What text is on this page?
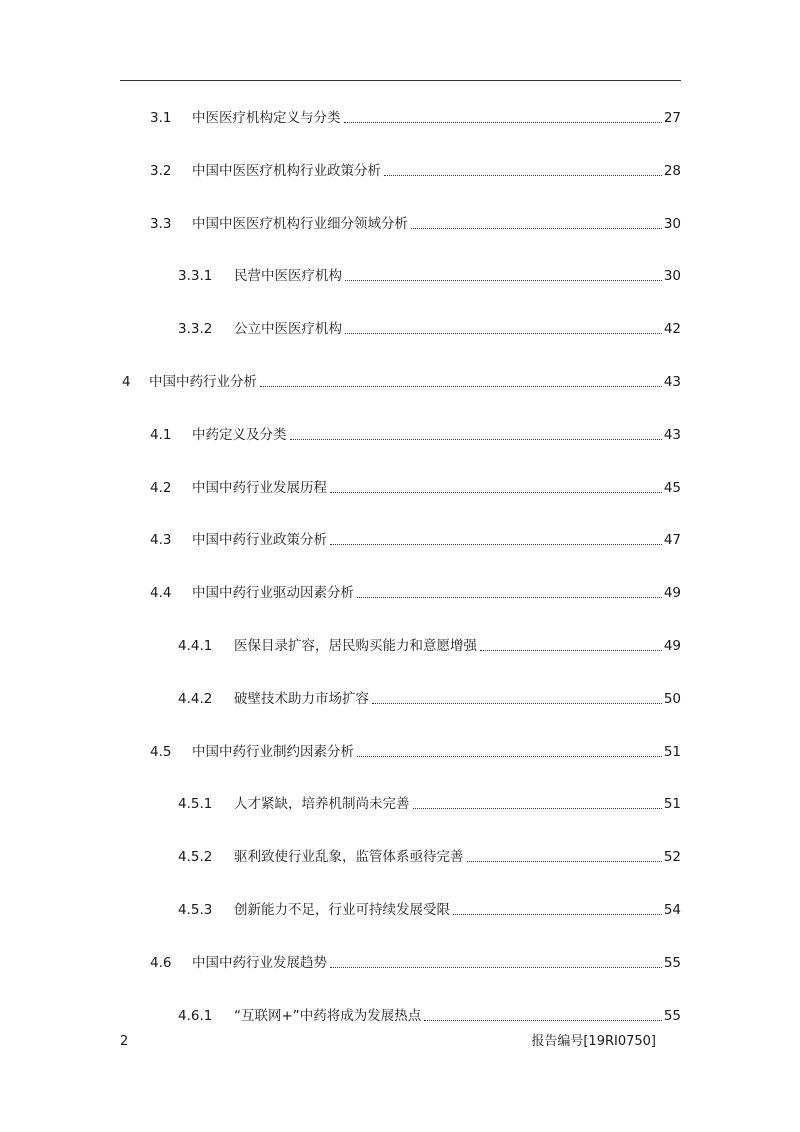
3.1	中医医疗机构定义与分类	27
3.2	中国中医医疗机构行业政策分析	28
3.3	中国中医医疗机构行业细分领域分析	30
3.3.1	民营中医医疗机构	30
3.3.2	公立中医医疗机构	42
4	中国中药行业分析	43
4.1	中药定义及分类	43
4.2	中国中药行业发展历程	45
4.3	中国中药行业政策分析	47
4.4	中国中药行业驱动因素分析	49
4.4.1	医保目录扩容，居民购买能力和意愿增强	49
4.4.2	破壁技术助力市场扩容	50
4.5	中国中药行业制约因素分析	51
4.5.1	人才紧缺，培养机制尚未完善	51
4.5.2	驱利致使行业乱象，监管体系亟待完善	52
4.5.3	创新能力不足，行业可持续发展受限	54
4.6	中国中药行业发展趋势	55
4.6.1	“互联网+”中药将成为发展热点	55
2	报告编号[19RI0750]
